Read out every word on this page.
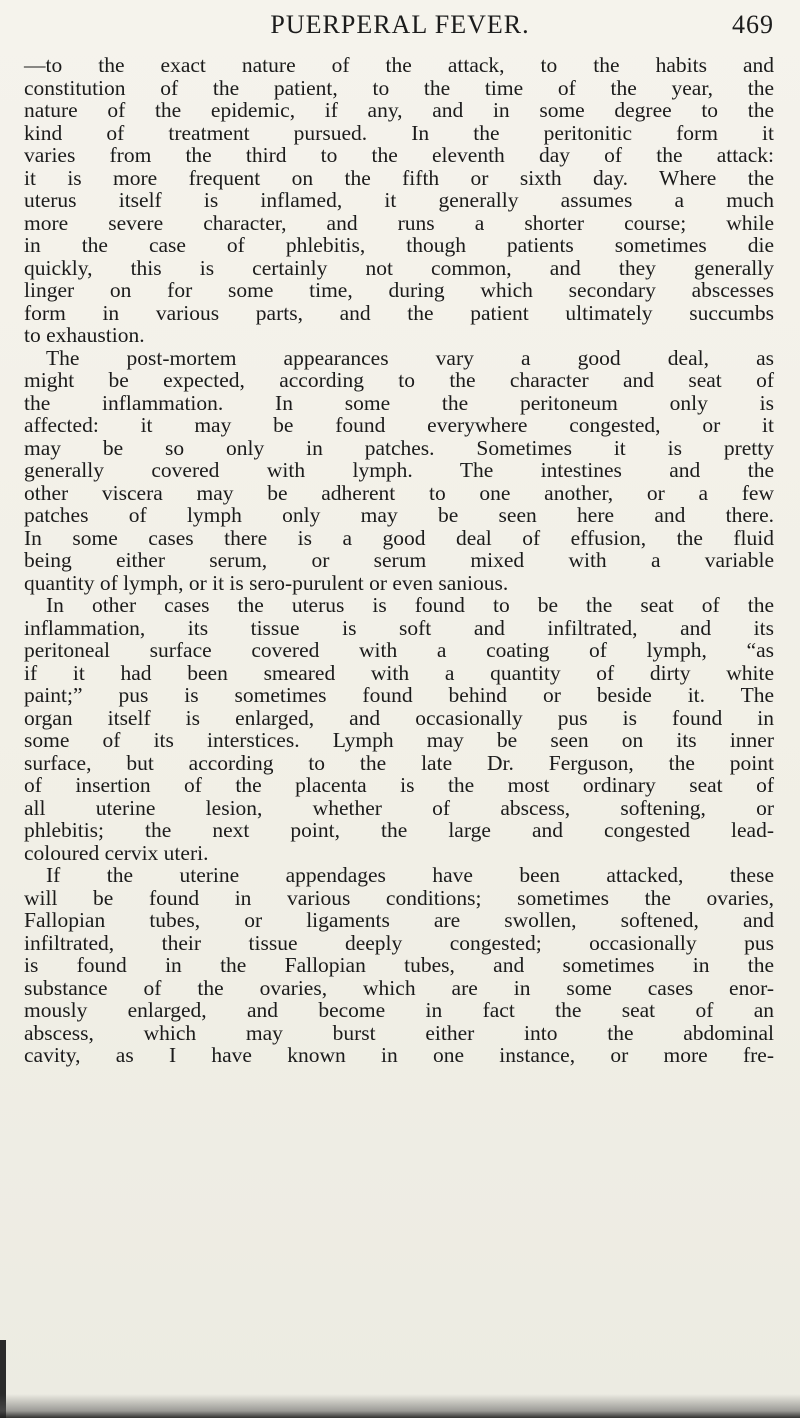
PUERPERAL FEVER.	469
—to the exact nature of the attack, to the habits and
constitution of the patient, to the time of the year, the
nature of the epidemic, if any, and in some degree to the
kind of treatment pursued. In the peritonitic form it
varies from the third to the eleventh day of the attack:
it is more frequent on the fifth or sixth day. Where the
uterus itself is inflamed, it generally assumes a much
more severe character, and runs a shorter course; while
in the case of phlebitis, though patients sometimes die
quickly, this is certainly not common, and they generally
linger on for some time, during which secondary abscesses
form in various parts, and the patient ultimately succumbs
to exhaustion.
The post-mortem appearances vary a good deal, as
might be expected, according to the character and seat of
the inflammation. In some the peritoneum only is
affected: it may be found everywhere congested, or it
may be so only in patches. Sometimes it is pretty
generally covered with lymph. The intestines and the
other viscera may be adherent to one another, or a few
patches of lymph only may be seen here and there.
In some cases there is a good deal of effusion, the fluid
being either serum, or serum mixed with a variable
quantity of lymph, or it is sero-purulent or even sanious.
In other cases the uterus is found to be the seat of the
inflammation, its tissue is soft and infiltrated, and its
peritoneal surface covered with a coating of lymph, “as
if it had been smeared with a quantity of dirty white
paint;” pus is sometimes found behind or beside it. The
organ itself is enlarged, and occasionally pus is found in
some of its interstices. Lymph may be seen on its inner
surface, but according to the late Dr. Ferguson, the point
of insertion of the placenta is the most ordinary seat of
all uterine lesion, whether of abscess, softening, or
phlebitis; the next point, the large and congested lead-
coloured cervix uteri.
If the uterine appendages have been attacked, these
will be found in various conditions; sometimes the ovaries,
Fallopian tubes, or ligaments are swollen, softened, and
infiltrated, their tissue deeply congested; occasionally pus
is found in the Fallopian tubes, and sometimes in the
substance of the ovaries, which are in some cases enor-
mously enlarged, and become in fact the seat of an
abscess, which may burst either into the abdominal
cavity, as I have known in one instance, or more fre-
